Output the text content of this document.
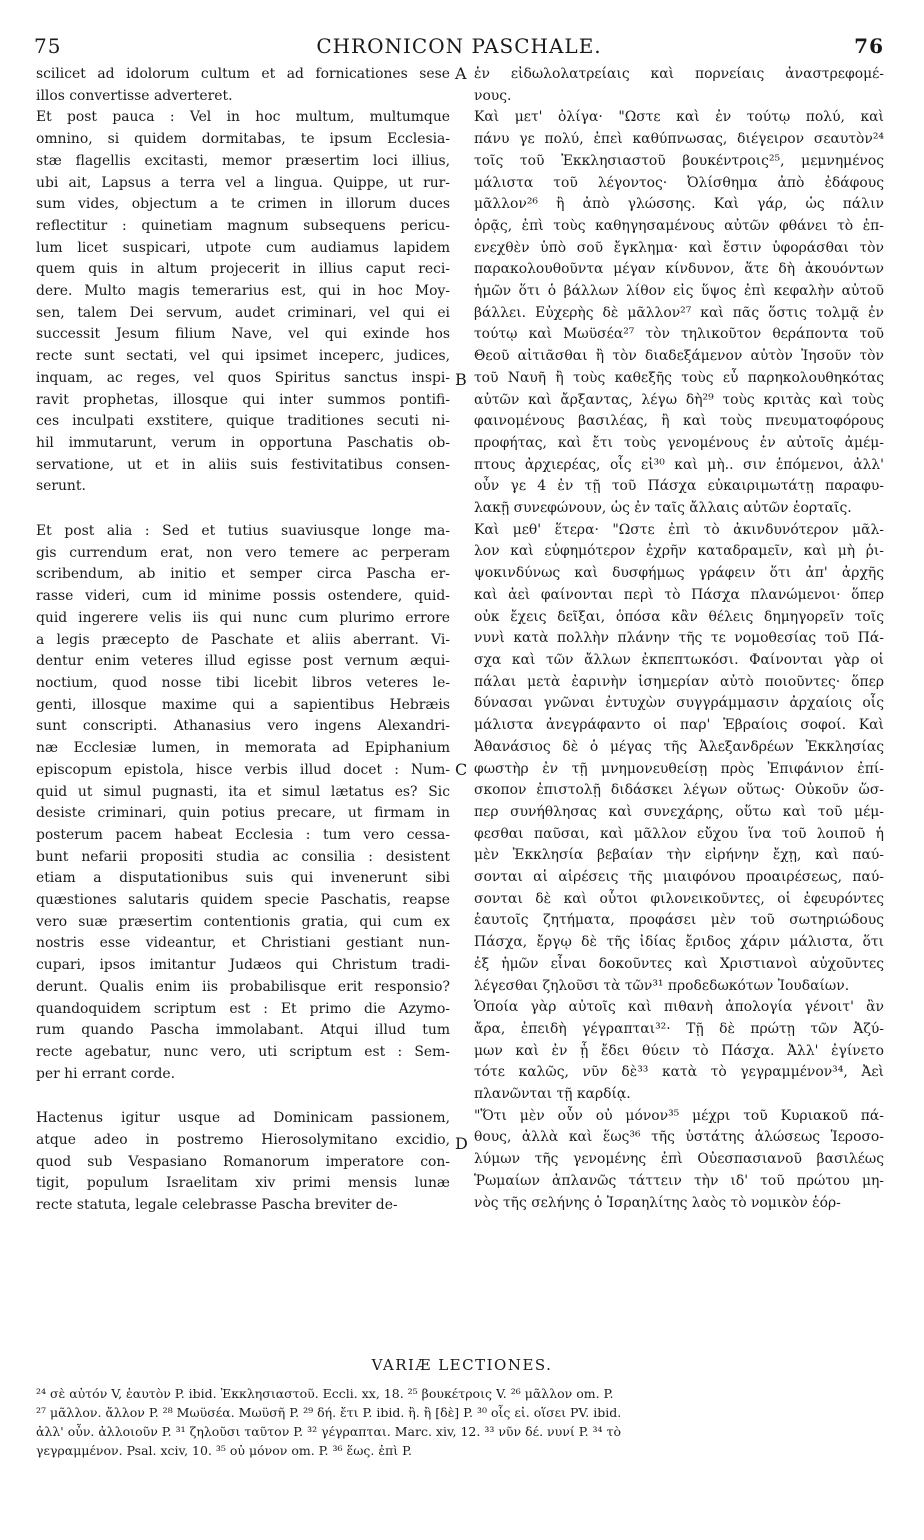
75	CHRONICON PASCHALE.	76
scilicet ad idolorum cultum et ad fornicationes sese
illos convertisse adverteret.
Et post pauca : Vel in hoc multum, multumque
omnino, si quidem dormitabas, te ipsum Ecclesia-
stæ flagellis excitasti, memor præsertim loci illius,
ubi ait, Lapsus a terra vel a lingua. Quippe, ut rur-
sum vides, objectum a te crimen in illorum duces
reflectitur : quinetiam magnum subsequens pericu-
lum licet suspicari, utpote cum audiamus lapidem
quem quis in altum projecerit in illius caput reci-
dere. Multo magis temerarius est, qui in hoc Moy-
sen, talem Dei servum, audet criminari, vel qui ei
successit Jesum filium Nave, vel qui exinde hos
recte sunt sectati, vel qui ipsimet inceperc, judices,
inquam, ac reges, vel quos Spiritus sanctus inspi-
ravit prophetas, illosque qui inter summos pontifi-
ces inculpati exstitere, quique traditiones secuti ni-
hil immutarunt, verum in opportuna Paschatis ob-
servatione, ut et in aliis suis festivitatibus consen-
serunt.
Et post alia : Sed et tutius suaviusque longe ma-
gis currendum erat, non vero temere ac perperam
scribendum, ab initio et semper circa Pascha er-
rasse videri, cum id minime possis ostendere, quid-
quid ingerere velis iis qui nunc cum plurimo errore
a legis præcepto de Paschate et aliis aberrant. Vi-
dentur enim veteres illud egisse post vernum æqui-
noctium, quod nosse tibi licebit libros veteres le-
genti, illosque maxime qui a sapientibus Hebræis
sunt conscripti. Athanasius vero ingens Alexandri-
næ Ecclesiæ lumen, in memorata ad Epiphanium
episcopum epistola, hisce verbis illud docet : Num-
quid ut simul pugnasti, ita et simul lætatus es? Sic
desiste criminari, quin potius precare, ut firmam in
posterum pacem habeat Ecclesia : tum vero cessa-
bunt nefarii propositi studia ac consilia : desistent
etiam a disputationibus suis qui invenerunt sibi
quæstiones salutaris quidem specie Paschatis, reapse
vero suæ præsertim contentionis gratia, qui cum ex
nostris esse videantur, et Christiani gestiant nun-
cupari, ipsos imitantur Judæos qui Christum tradi-
derunt. Qualis enim iis probabilisque erit responsio?
quandoquidem scriptum est : Et primo die Azymo-
rum quando Pascha immolabant. Atqui illud tum
recte agebatur, nunc vero, uti scriptum est : Sem-
per hi errant corde.
Hactenus igitur usque ad Dominicam passionem,
atque adeo in postremo Hierosolymitano excidio,
quod sub Vespasiano Romanorum imperatore con-
tigit, populum Israelitam xiv primi mensis lunæ
recte statuta, legale celebrasse Pascha breviter de-
ἐν εἰδωλολατρείαις καὶ πορνείαις ἀναστρεφομέ-
νους.
Καὶ μετ' ὀλίγα· "Ωστε καὶ ἐν τούτῳ πολύ, καὶ
πάνυ γε πολύ, ἐπεὶ καθύπνωσας, διέγειρον σεαυτὸν²⁴
τοῖς τοῦ Ἐκκλησιαστοῦ βουκέντροις²⁵, μεμνημένος
μάλιστα τοῦ λέγοντος· Ὀλίσθημα ἀπὸ ἐδάφους
μᾶλλον²⁶ ἢ ἀπὸ γλώσσης. Καὶ γάρ, ὡς πάλιν
ὁρᾷς, ἐπὶ τοὺς καθηγησαμένους αὐτῶν φθάνει τὸ ἐπ-
ενεχθὲν ὑπὸ σοῦ ἔγκλημα· καὶ ἔστιν ὑφοράσθαι τὸν
παρακολουθοῦντα μέγαν κίνδυνον, ἅτε δὴ ἀκουόντων
ἡμῶν ὅτι ὁ βάλλων λίθον εἰς ὕψος ἐπὶ κεφαλὴν αὐτοῦ
βάλλει. Εὐχερὴς δὲ μᾶλλον²⁷ καὶ πᾶς ὅστις τολμᾷ ἐν
τούτῳ καὶ Μωϋσέα²⁷ τὸν τηλικοῦτον θεράποντα τοῦ
Θεοῦ αἰτιᾶσθαι ἢ τὸν διαδεξάμενον αὐτὸν Ἰησοῦν τὸν
τοῦ Ναυῆ ἢ τοὺς καθεξῆς τοὺς εὖ παρηκολουθηκότας
αὐτῶν καὶ ἄρξαντας, λέγω δὴ²⁹ τοὺς κριτὰς καὶ τοὺς
φαινομένους βασιλέας, ἢ καὶ τοὺς πνευματοφόρους
προφήτας, καὶ ἔτι τοὺς γενομένους ἐν αὐτοῖς ἀμέμ-
πτους ἀρχιερέας, οἷς εἰ³⁰ καὶ μὴ.. σιν ἑπόμενοι, ἀλλ'
οὖν γε 4 ἐν τῇ τοῦ Πάσχα εὐκαιριμωτάτῃ παραφυ-
λακῇ συνεφώνουν, ὡς ἐν ταῖς ἄλλαις αὐτῶν ἑορταῖς.
Καὶ μεθ' ἕτερα· "Ωστε ἐπὶ τὸ ἀκινδυνότερον μᾶλ-
λον καὶ εὐφημότερον ἐχρῆν καταδραμεῖν, καὶ μὴ ῥι-
ψοκινδύνως καὶ δυσφήμως γράφειν ὅτι ἀπ' ἀρχῆς
καὶ ἀεὶ φαίνονται περὶ τὸ Πάσχα πλανώμενοι· ὅπερ
οὐκ ἔχεις δεῖξαι, ὁπόσα κἂν θέλεις δημηγορεῖν τοῖς
νυνὶ κατὰ πολλὴν πλάνην τῆς τε νομοθεσίας τοῦ Πά-
σχα καὶ τῶν ἄλλων ἐκπεπτωκόσι. Φαίνονται γὰρ οἱ
πάλαι μετὰ ἐαρινὴν ἰσημερίαν αὐτὸ ποιοῦντες· ὅπερ
δύνασαι γνῶναι ἐντυχὼν συγγράμμασιν ἀρχαίοις οἷς
μάλιστα ἀνεγράφαντο οἱ παρ' Ἑβραίοις σοφοί. Καὶ
Ἀθανάσιος δὲ ὁ μέγας τῆς Ἀλεξανδρέων Ἐκκλησίας
φωστὴρ ἐν τῇ μνημονευθείσῃ πρὸς Ἐπιφάνιον ἐπί-
σκοπον ἐπιστολῇ διδάσκει λέγων οὕτως· Οὐκοῦν ὥσ-
περ συνήθλησας καὶ συνεχάρης, οὕτω καὶ τοῦ μέμ-
φεσθαι παῦσαι, καὶ μᾶλλον εὔχου ἵνα τοῦ λοιποῦ ἡ
μὲν Ἐκκλησία βεβαίαν τὴν εἰρήνην ἔχῃ, καὶ παύ-
σονται αἱ αἱρέσεις τῆς μιαιφόνου προαιρέσεως, παύ-
σονται δὲ καὶ οὗτοι φιλονεικοῦντες, οἱ ἐφευρόντες
ἑαυτοῖς ζητήματα, προφάσει μὲν τοῦ σωτηριώδους
Πάσχα, ἔργῳ δὲ τῆς ἰδίας ἔριδος χάριν μάλιστα, ὅτι
ἐξ ἡμῶν εἶναι δοκοῦντες καὶ Χριστιανοὶ αὐχοῦντες
λέγεσθαι ζηλοῦσι τὰ τῶν³¹ προδεδωκότων Ἰουδαίων.
Ὁποία γὰρ αὐτοῖς καὶ πιθανὴ ἀπολογία γένοιτ' ἂν
ἄρα, ἐπειδὴ γέγραπται³²· Τῇ δὲ πρώτῃ τῶν Ἀζύ-
μων καὶ ἐν ᾗ ἔδει θύειν τὸ Πάσχα. Ἀλλ' ἐγίνετο
τότε καλῶς, νῦν δὲ³³ κατὰ τὸ γεγραμμένον³⁴, Ἀεὶ
πλανῶνται τῇ καρδίᾳ.
"Ὅτι μὲν οὖν οὐ μόνον³⁵ μέχρι τοῦ Κυριακοῦ πά-
θους, ἀλλὰ καὶ ἕως³⁶ τῆς ὑστάτης ἁλώσεως Ἱεροσο-
λύμων τῆς γενομένης ἐπὶ Οὐεσπασιανοῦ βασιλέως
Ῥωμαίων ἀπλανῶς τάττειν τὴν ιδ' τοῦ πρώτου μη-
νὸς τῆς σελήνης ὁ Ἰσραηλίτης λαὸς τὸ νομικὸν ἑόρ-
A
B
C
D
VARIÆ LECTIONES.
²⁴ σὲ αὐτόν V, ἑαυτὸν P. ibid. Ἐκκλησιαστοῦ. Eccli. xx, 18. ²⁵ βουκέτροις V. ²⁶ μᾶλλον om. P.
²⁷ μᾶλλον. ἄλλον P. ²⁸ Μωϋσέα. Μωϋσῆ P. ²⁹ δή. ἔτι P. ibid. ἢ. ἢ [δὲ] P. ³⁰ οἷς εἰ. οἵσει PV. ibid.
ἀλλ' οὖν. ἀλλοιοῦν P. ³¹ ζηλοῦσι ταῦτον P. ³² γέγραπται. Marc. xiv, 12. ³³ νῦν δέ. νυνί P. ³⁴ τὸ
γεγραμμένον. Psal. xciv, 10. ³⁵ οὐ μόνον om. P. ³⁶ ἕως. ἐπὶ P.
